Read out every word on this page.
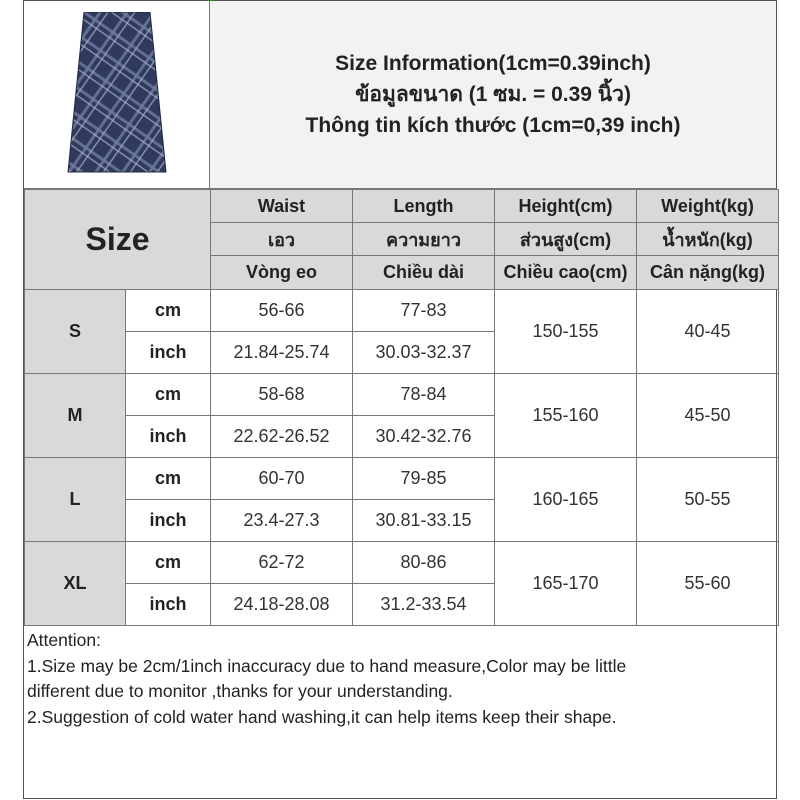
Size Information(1cm=0.39inch)
ข้อมูลขนาด (1 ซม. = 0.39 นิ้ว)
Thông tin kích thước (1cm=0,39 inch)
Size		Waist	Length	Height(cm)	Weight(kg)
		เอว	ความยาว	ส่วนสูง(cm)	น้ำหนัก(kg)
		Vòng eo	Chiều dài	Chiều cao(cm)	Cân nặng(kg)
S	cm	56-66	77-83	150-155	40-45
	inch	21.84-25.74	30.03-32.37		
M	cm	58-68	78-84	155-160	45-50
	inch	22.62-26.52	30.42-32.76		
L	cm	60-70	79-85	160-165	50-55
	inch	23.4-27.3	30.81-33.15		
XL	cm	62-72	80-86	165-170	55-60
	inch	24.18-28.08	31.2-33.54		
Attention:
1.Size may be 2cm/1inch inaccuracy due to hand measure,Color may be little
different due to monitor ,thanks for your understanding.
2.Suggestion of cold water hand washing,it can help items keep their shape.
